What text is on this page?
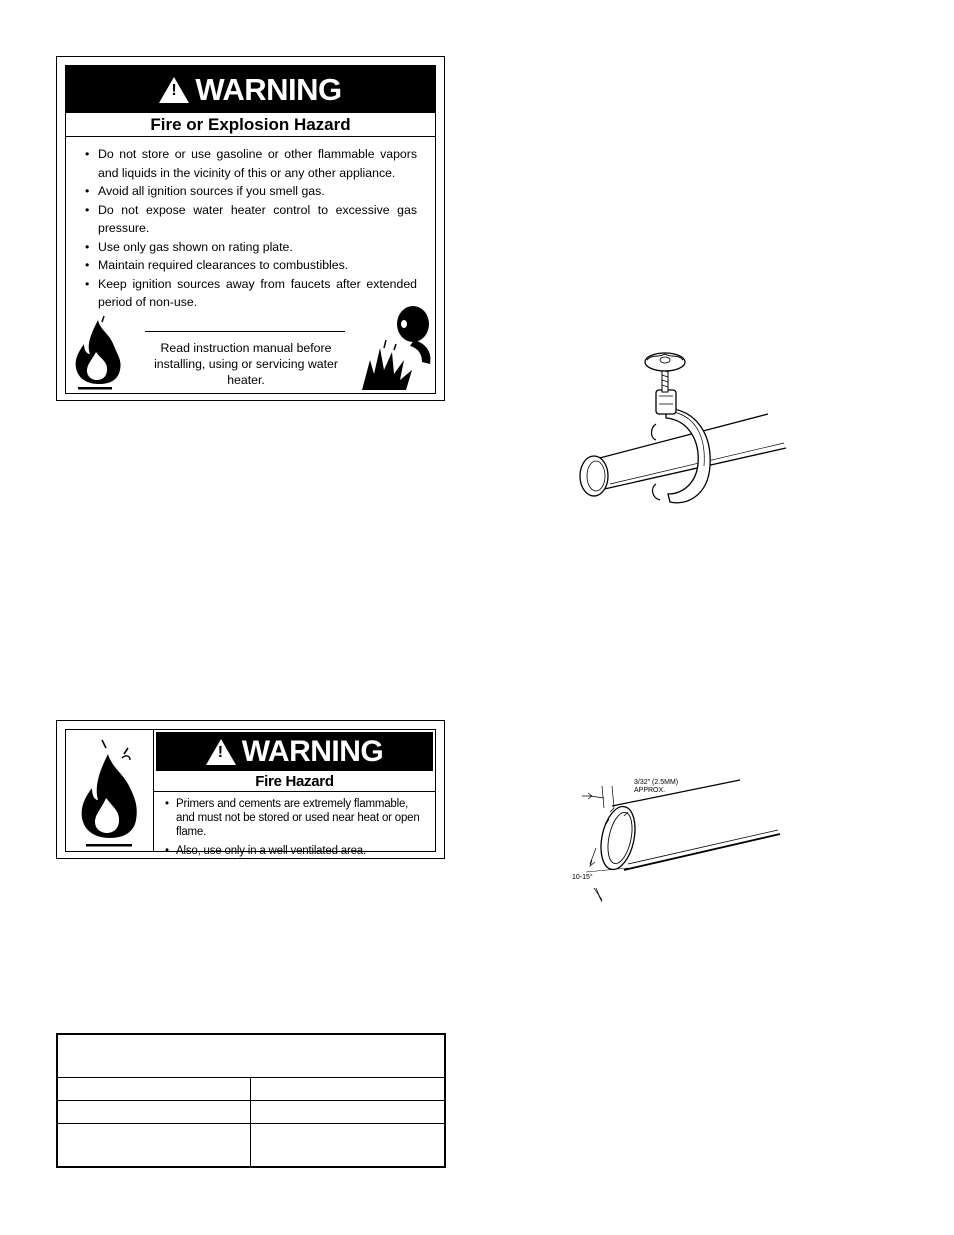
! WARNING
Fire or Explosion Hazard
• Do not store or use gasoline or other flammable vapors and liquids in the vicinity of this or any other appliance.
• Avoid all ignition sources if you smell gas.
• Do not expose water heater control to excessive gas pressure.
• Use only gas shown on rating plate.
• Maintain required clearances to combustibles.
• Keep ignition sources away from faucets after extended period of non-use.
Read instruction manual before installing, using or servicing water heater.
! WARNING
Fire Hazard
• Primers and cements are extremely flammable, and must not be stored or used near heat or open flame.
• Also, use only in a well ventilated area.
3/32" (2.5MM)
APPROX.
10-15°
